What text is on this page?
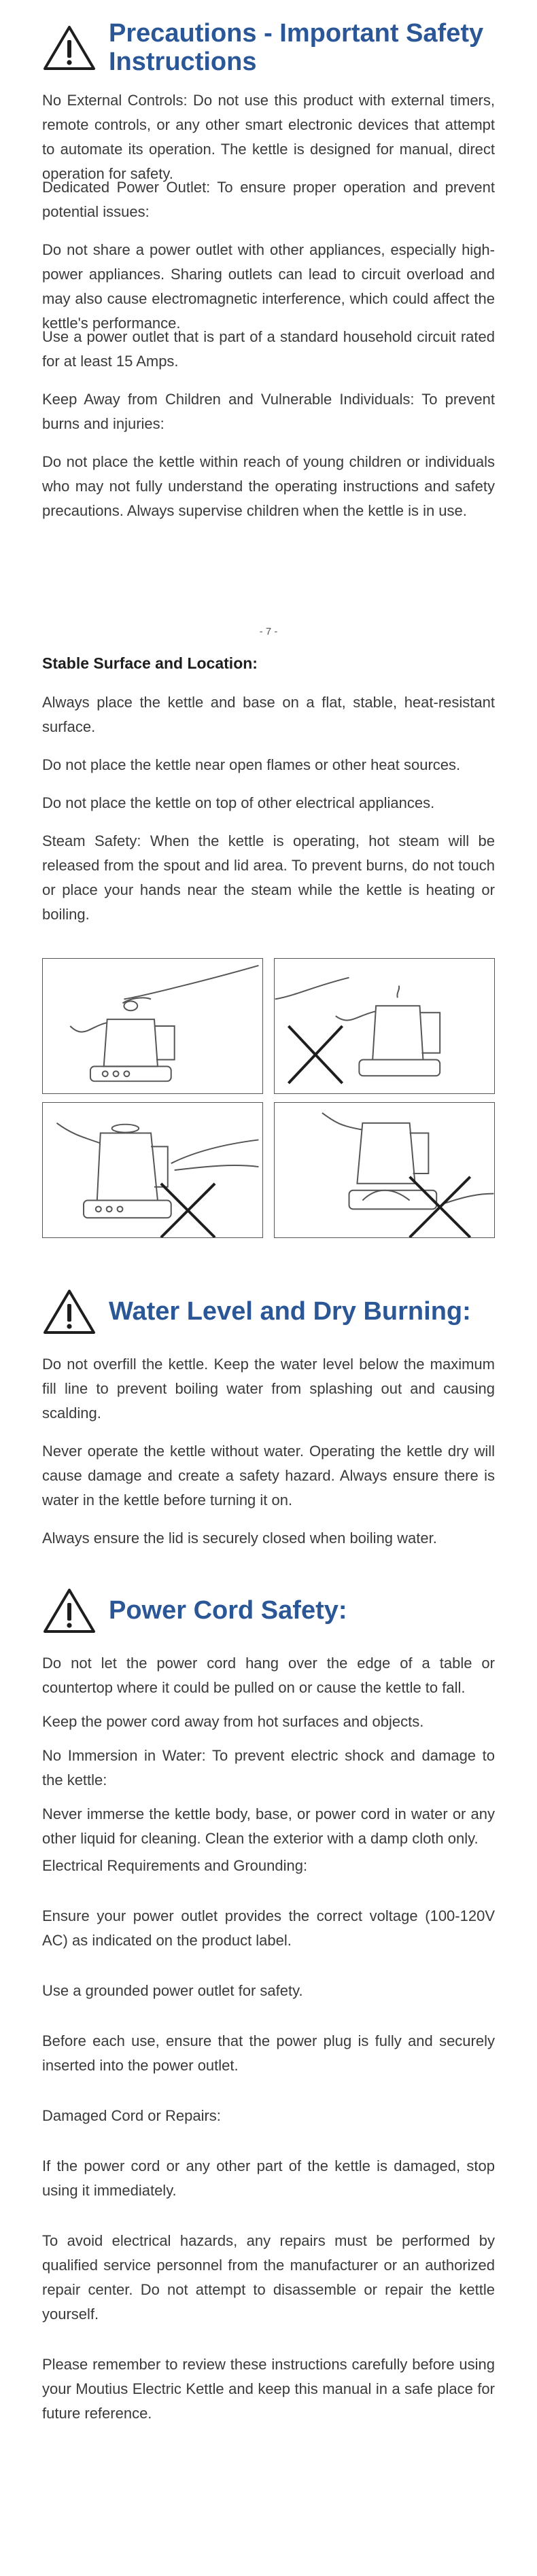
Precautions - Important Safety Instructions

No External Controls: Do not use this product with external timers, remote controls, or any other smart electronic devices that attempt to automate its operation. The kettle is designed for manual, direct operation for safety.

Dedicated Power Outlet: To ensure proper operation and prevent potential issues:

Do not share a power outlet with other appliances, especially high-power appliances. Sharing outlets can lead to circuit overload and may also cause electromagnetic interference, which could affect the kettle's performance.

Use a power outlet that is part of a standard household circuit rated for at least 15 Amps.

Keep Away from Children and Vulnerable Individuals: To prevent burns and injuries:

Do not place the kettle within reach of young children or individuals who may not fully understand the operating instructions and safety precautions. Always supervise children when the kettle is in use.

- 7 -

Stable Surface and Location:

Always place the kettle and base on a flat, stable, heat-resistant surface.

Do not place the kettle near open flames or other heat sources.

Do not place the kettle on top of other electrical appliances.

Steam Safety: When the kettle is operating, hot steam will be released from the spout and lid area. To prevent burns, do not touch or place your hands near the steam while the kettle is heating or boiling.

Water Level and Dry Burning:

Do not overfill the kettle. Keep the water level below the maximum fill line to prevent boiling water from splashing out and causing scalding.

Never operate the kettle without water. Operating the kettle dry will cause damage and create a safety hazard. Always ensure there is water in the kettle before turning it on.

Always ensure the lid is securely closed when boiling water.

Power Cord Safety:

Do not let the power cord hang over the edge of a table or countertop where it could be pulled on or cause the kettle to fall.

Keep the power cord away from hot surfaces and objects.

No Immersion in Water: To prevent electric shock and damage to the kettle:

Never immerse the kettle body, base, or power cord in water or any other liquid for cleaning. Clean the exterior with a damp cloth only.

Electrical Requirements and Grounding:

Ensure your power outlet provides the correct voltage (100-120V AC) as indicated on the product label.

Use a grounded power outlet for safety.

Before each use, ensure that the power plug is fully and securely inserted into the power outlet.

Damaged Cord or Repairs:

If the power cord or any other part of the kettle is damaged, stop using it immediately.

To avoid electrical hazards, any repairs must be performed by qualified service personnel from the manufacturer or an authorized repair center. Do not attempt to disassemble or repair the kettle yourself.

Please remember to review these instructions carefully before using your Moutius Electric Kettle and keep this manual in a safe place for future reference.
